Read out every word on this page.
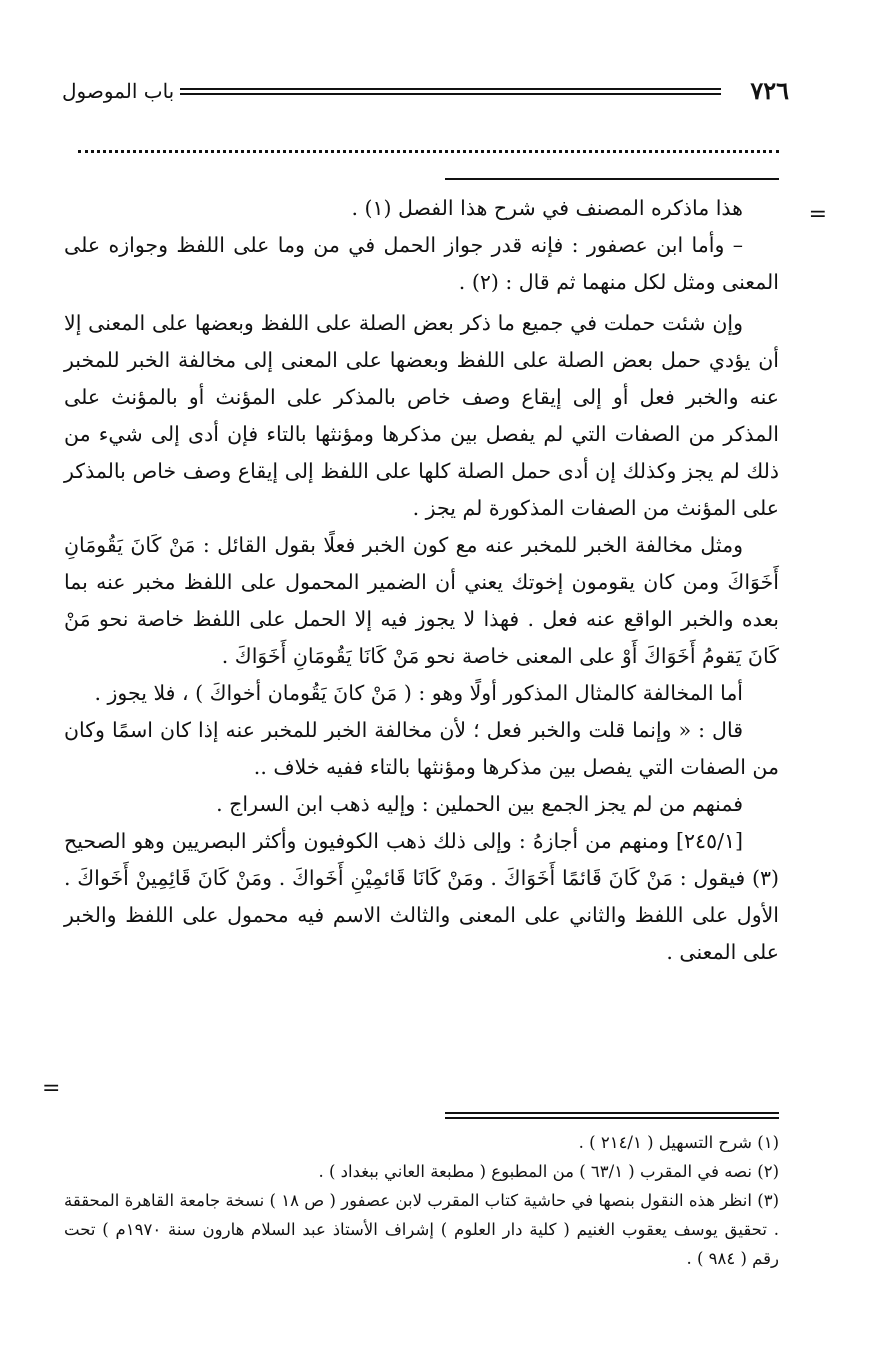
٧٢٦
باب الموصول
=
=

هذا ماذكره المصنف في شرح هذا الفصل (١) .

– وأما ابن عصفور : فإنه قدر جواز الحمل في من وما على اللفظ وجوازه على المعنى ومثل لكل منهما ثم قال : (٢) .

وإن شئت حملت في جميع ما ذكر بعض الصلة على اللفظ وبعضها على المعنى إلا أن يؤدي حمل بعض الصلة على اللفظ وبعضها على المعنى إلى مخالفة الخبر للمخبر عنه والخبر فعل أو إلى إيقاع وصف خاص بالمذكر على المؤنث أو بالمؤنث على المذكر من الصفات التي لم يفصل بين مذكرها ومؤنثها بالتاء فإن أدى إلى شيء من ذلك لم يجز وكذلك إن أدى حمل الصلة كلها على اللفظ إلى إيقاع وصف خاص بالمذكر على المؤنث من الصفات المذكورة لم يجز .

ومثل مخالفة الخبر للمخبر عنه مع كون الخبر فعلًا بقول القائل : مَنْ كَانَ يَقُومَانِ أَخَوَاكَ ومن كان يقومون إخوتك يعني أن الضمير المحمول على اللفظ مخبر عنه بما بعده والخبر الواقع عنه فعل . فهذا لا يجوز فيه إلا الحمل على اللفظ خاصة نحو مَنْ كَانَ يَقومُ أَخَوَاكَ أَوْ على المعنى خاصة نحو مَنْ كَانَا يَقُومَانِ أَخَوَاكَ .

أما المخالفة كالمثال المذكور أولًا وهو : ( مَنْ كانَ يَقُومان أخواكَ ) ، فلا يجوز .

قال : « وإنما قلت والخبر فعل ؛ لأن مخالفة الخبر للمخبر عنه إذا كان اسمًا وكان من الصفات التي يفصل بين مذكرها ومؤنثها بالتاء ففيه خلاف ..

فمنهم من لم يجز الجمع بين الحملين : وإليه ذهب ابن السراج .

[٢٤٥/١] ومنهم من أجازهُ : وإلى ذلك ذهب الكوفيون وأكثر البصريين وهو الصحيح (٣) فيقول : مَنْ كَانَ قَائمًا أَخَوَاكَ . ومَنْ كَانَا قَائمِيْنِ أَخَواكَ . ومَنْ كَانَ قَائِمِينْ أَخَواكَ . الأول على اللفظ والثاني على المعنى والثالث الاسم فيه محمول على اللفظ والخبر على المعنى .

(١) شرح التسهيل ( ٢١٤/١ ) .

(٢) نصه في المقرب ( ٦٣/١ ) من المطبوع ( مطبعة العاني ببغداد ) .

(٣) انظر هذه النقول بنصها في حاشية كتاب المقرب لابن عصفور ( ص ١٨ ) نسخة جامعة القاهرة المحققة . تحقيق يوسف يعقوب الغنيم ( كلية دار العلوم ) إشراف الأستاذ عبد السلام هارون سنة ١٩٧٠م ) تحت رقم ( ٩٨٤ ) .
